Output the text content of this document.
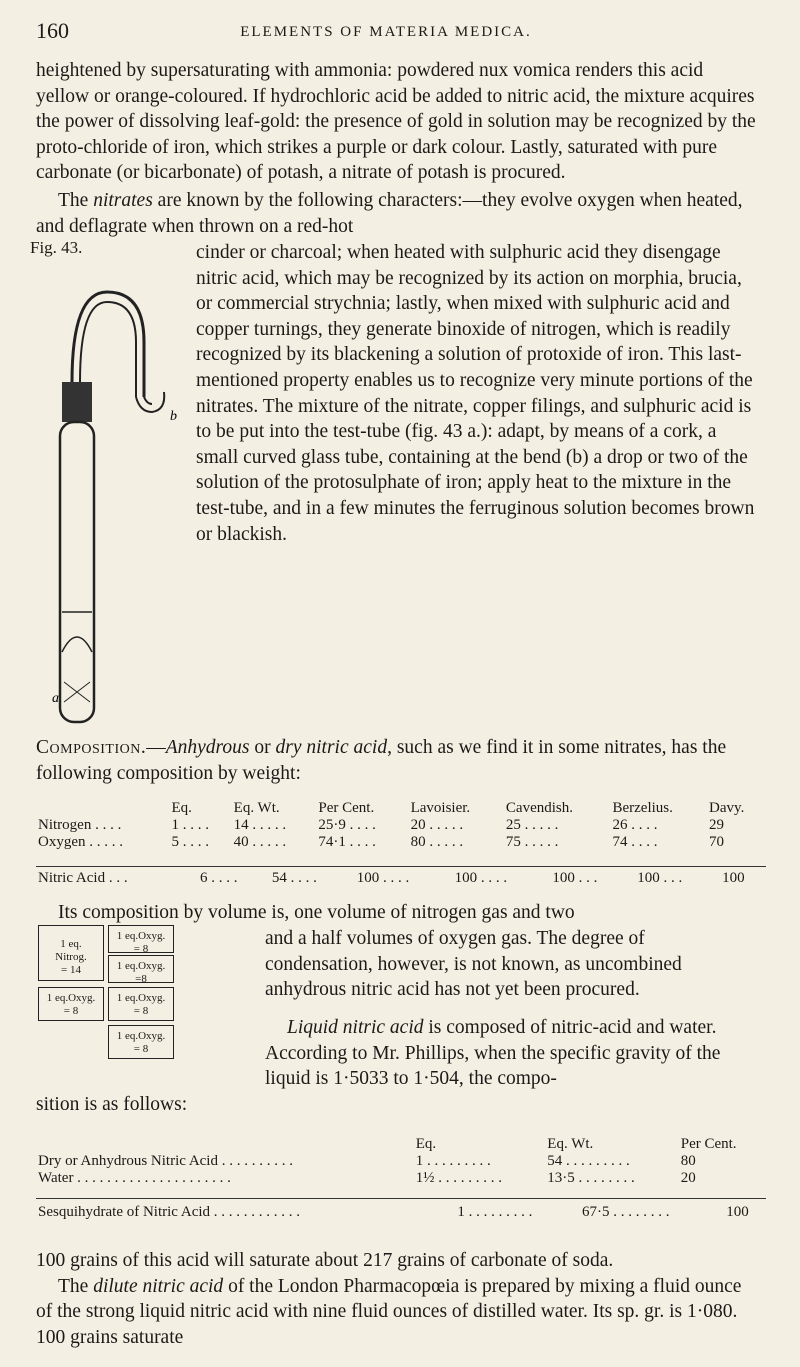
160	ELEMENTS OF MATERIA MEDICA.
heightened by supersaturating with ammonia: powdered nux vomica renders this acid yellow or orange-coloured. If hydrochloric acid be added to nitric acid, the mixture acquires the power of dissolving leaf-gold: the presence of gold in solution may be recognized by the proto-chloride of iron, which strikes a purple or dark colour. Lastly, saturated with pure carbonate (or bicarbonate) of potash, a nitrate of potash is procured.
The nitrates are known by the following characters:—they evolve oxygen when heated, and deflagrate when thrown on a red-hot
Fig. 43.
a
b
cinder or charcoal; when heated with sulphuric acid they disengage nitric acid, which may be recognized by its action on morphia, brucia, or commercial strychnia; lastly, when mixed with sulphuric acid and copper turnings, they generate binoxide of nitrogen, which is readily recognized by its blackening a solution of protoxide of iron. This last-mentioned property enables us to recognize very minute portions of the nitrates. The mixture of the nitrate, copper filings, and sulphuric acid is to be put into the test-tube (fig. 43 a.): adapt, by means of a cork, a small curved glass tube, containing at the bend (b) a drop or two of the solution of the protosulphate of iron; apply heat to the mixture in the test-tube, and in a few minutes the ferruginous solution becomes brown or blackish.
Composition.—Anhydrous or dry nitric acid, such as we find it in some nitrates, has the following composition by weight:
	Eq.	Eq. Wt.	Per Cent.	Lavoisier.	Cavendish.	Berzelius.	Davy.
Nitrogen . . . .	1 . . . .	14 . . . . .	25·9 . . . .	20 . . . . .	25 . . . . .	26 . . . .	29
Oxygen . . . . .	5 . . . .	40 . . . . .	74·1 . . . .	80 . . . . .	75 . . . . .	74 . . . .	70
Nitric Acid . . .	6 . . . .	54 . . . .	100 . . . .	100 . . . .	100 . . .	100 . . .	100
Its composition by volume is, one volume of nitrogen gas and two
1 eq.
Nitrog.
= 14
1 eq.Oxyg.
= 8
1 eq.Oxyg.
=8
1 eq.Oxyg.
= 8
1 eq.Oxyg.
= 8
1 eq.Oxyg.
= 8
and a half volumes of oxygen gas. The degree of condensation, however, is not known, as uncombined anhydrous nitric acid has not yet been procured.
Liquid nitric acid is composed of nitric-acid and water. According to Mr. Phillips, when the specific gravity of the liquid is 1·5033 to 1·504, the compo-
sition is as follows:
	Eq.	Eq. Wt.	Per Cent.
Dry or Anhydrous Nitric Acid . . . . . . . . . .	1 . . . . . . . . .	54 . . . . . . . . .	80
Water . . . . . . . . . . . . . . . . . . . . .	1½ . . . . . . . . .	13·5 . . . . . . . .	20
Sesquihydrate of Nitric Acid . . . . . . . . . . . .	1 . . . . . . . . .	67·5 . . . . . . . .	100
100 grains of this acid will saturate about 217 grains of carbonate of soda.
The dilute nitric acid of the London Pharmacopœia is prepared by mixing a fluid ounce of the strong liquid nitric acid with nine fluid ounces of distilled water. Its sp. gr. is 1·080. 100 grains saturate
